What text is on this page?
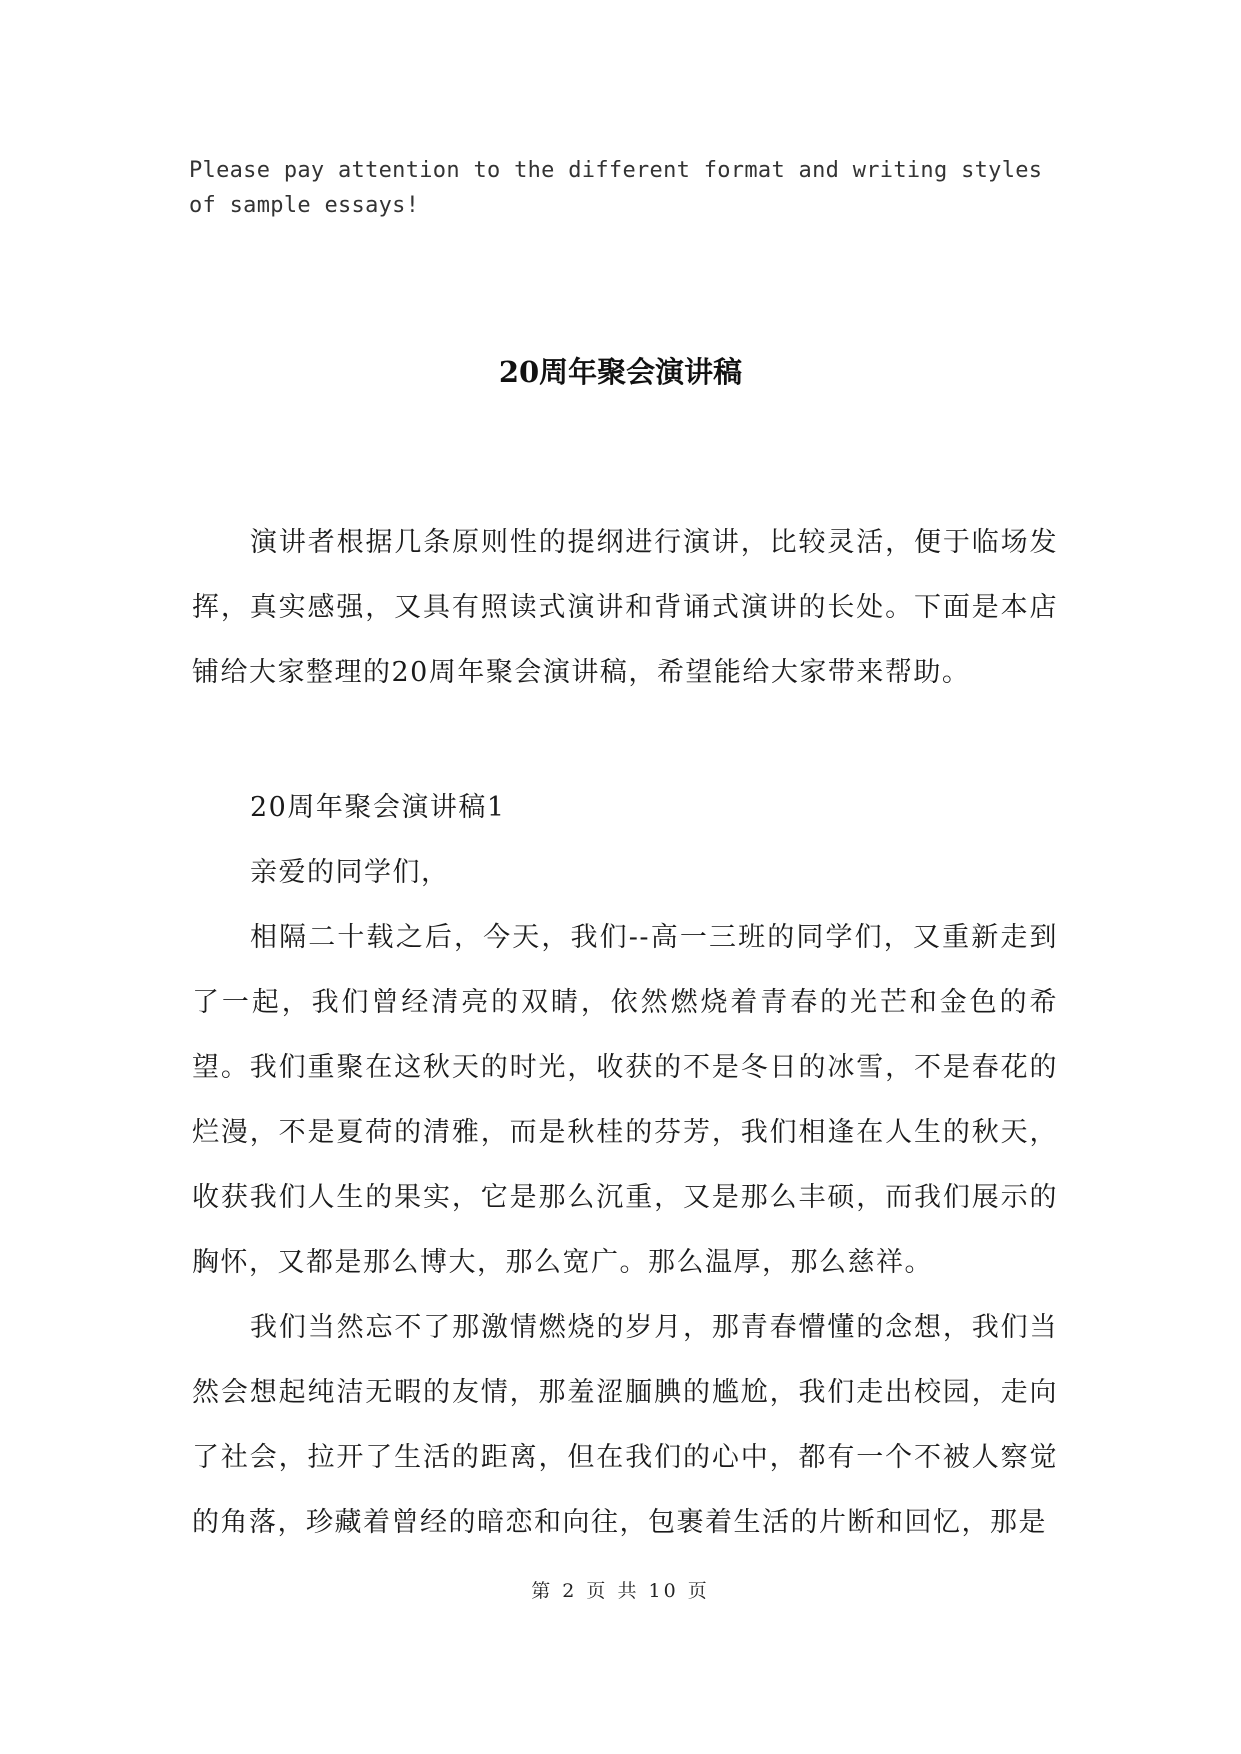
Please pay attention to the different format and writing styles of sample essays!

20周年聚会演讲稿

演讲者根据几条原则性的提纲进行演讲，比较灵活，便于临场发挥，真实感强，又具有照读式演讲和背诵式演讲的长处。下面是本店铺给大家整理的20周年聚会演讲稿，希望能给大家带来帮助。

20周年聚会演讲稿1

亲爱的同学们，

相隔二十载之后，今天，我们--高一三班的同学们，又重新走到了一起，我们曾经清亮的双睛，依然燃烧着青春的光芒和金色的希望。我们重聚在这秋天的时光，收获的不是冬日的冰雪，不是春花的烂漫，不是夏荷的清雅，而是秋桂的芬芳，我们相逢在人生的秋天，收获我们人生的果实，它是那么沉重，又是那么丰硕，而我们展示的胸怀，又都是那么博大，那么宽广。那么温厚，那么慈祥。

我们当然忘不了那激情燃烧的岁月，那青春懵懂的念想，我们当然会想起纯洁无暇的友情，那羞涩腼腆的尴尬，我们走出校园，走向了社会，拉开了生活的距离，但在我们的心中，都有一个不被人察觉的角落，珍藏着曾经的暗恋和向往，包裹着生活的片断和回忆，那是

第 2 页 共 10 页
